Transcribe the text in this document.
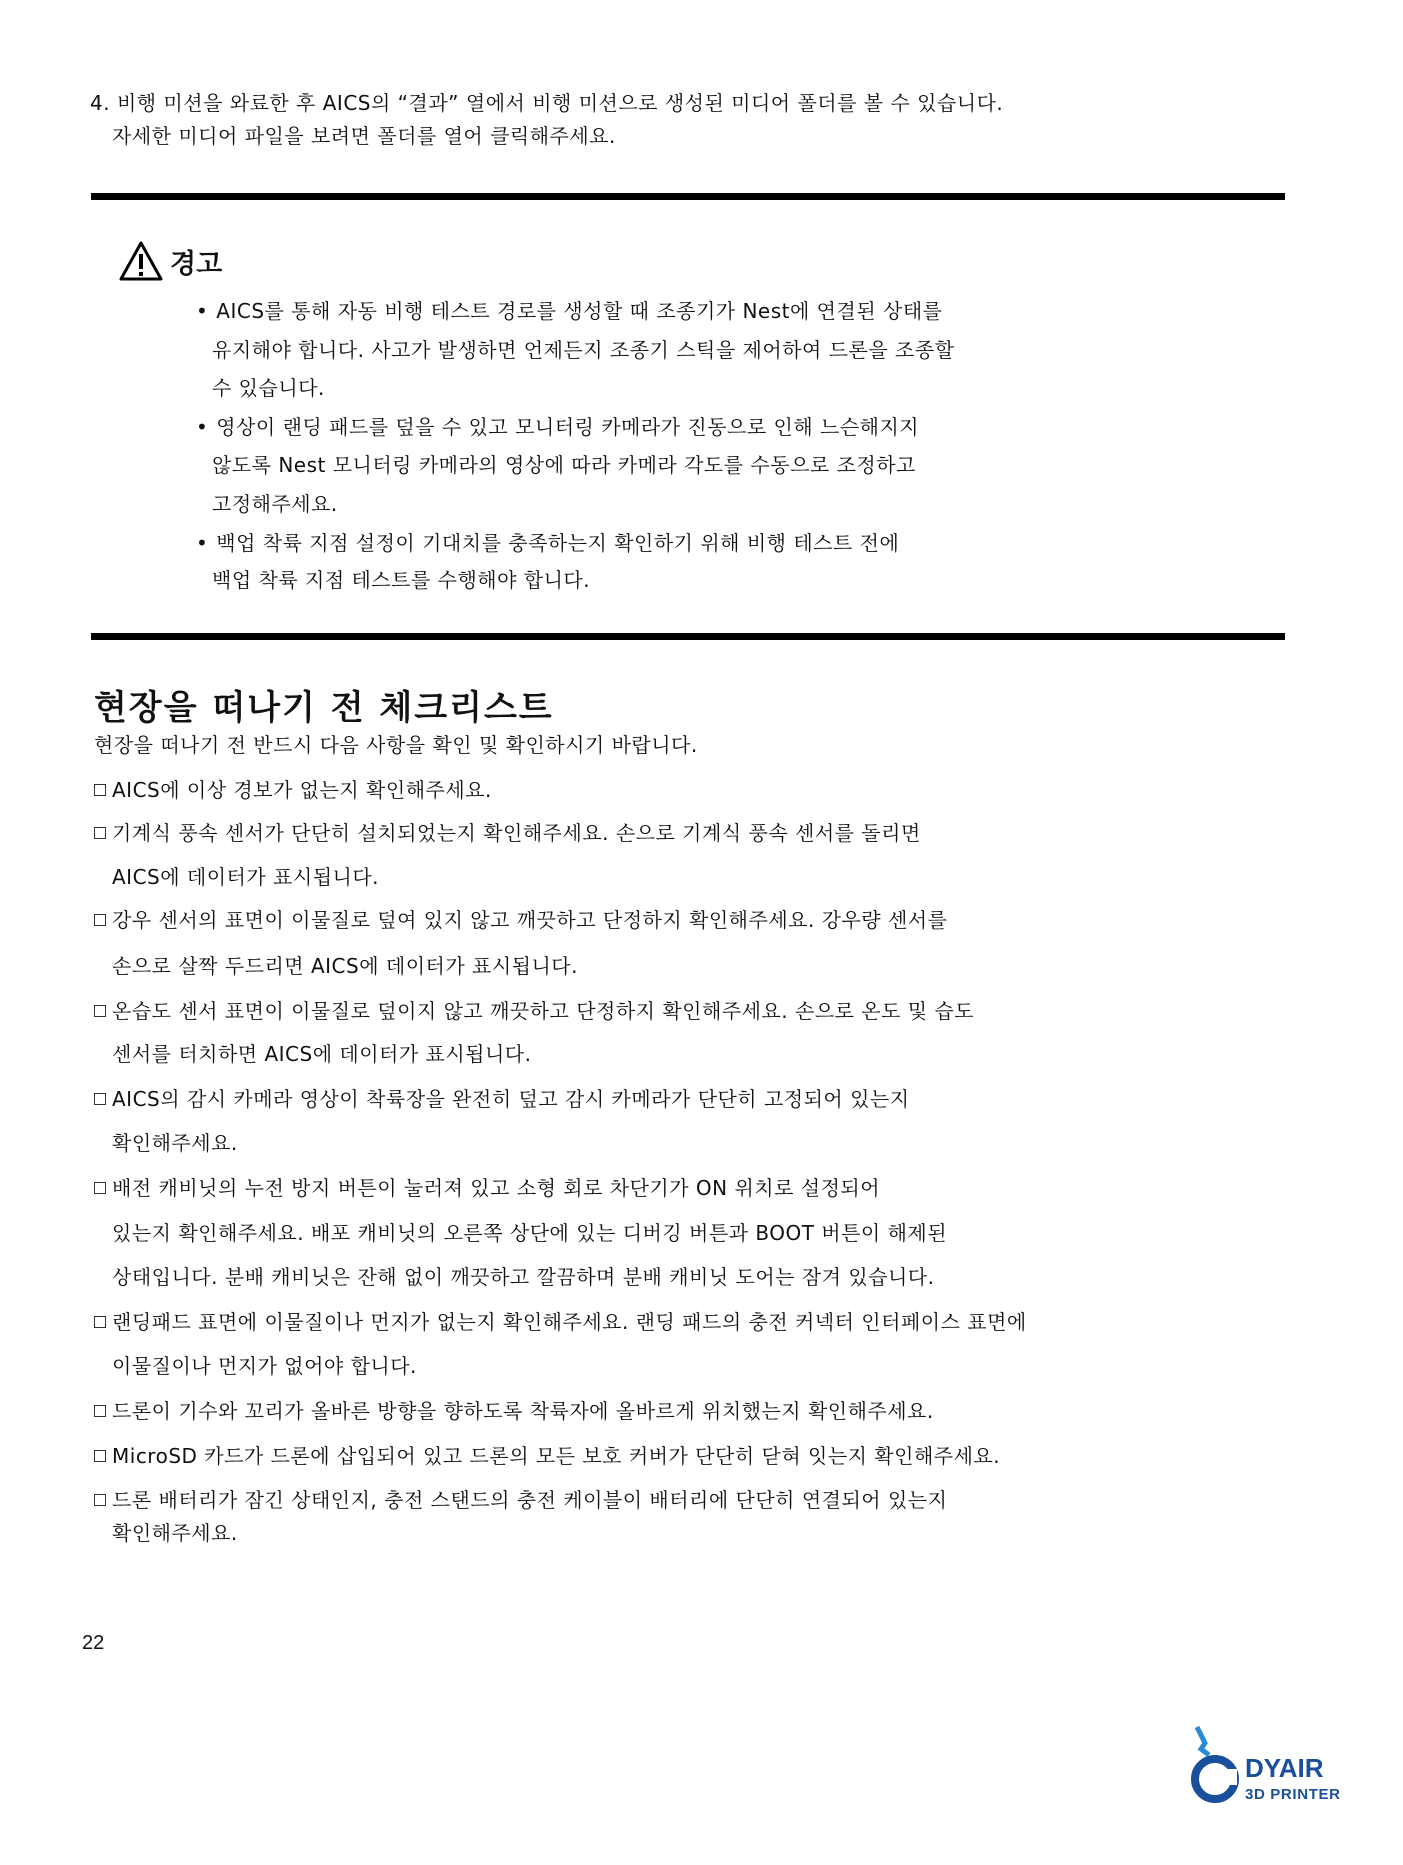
4. 비행 미션을 와료한 후 AICS의 “결과” 열에서 비행 미션으로 생성된 미디어 폴더를 볼 수 있습니다.
자세한 미디어 파일을 보려면 폴더를 열어 클릭해주세요.
경고
• AICS를 통해 자동 비행 테스트 경로를 생성할 때 조종기가 Nest에 연결된 상태를
유지해야 합니다. 사고가 발생하면 언제든지 조종기 스틱을 제어하여 드론을 조종할
수 있습니다.
• 영상이 랜딩 패드를 덮을 수 있고 모니터링 카메라가 진동으로 인해 느슨해지지
않도록 Nest 모니터링 카메라의 영상에 따라 카메라 각도를 수동으로 조정하고
고정해주세요.
• 백업 착륙 지점 설정이 기대치를 충족하는지 확인하기 위해 비행 테스트 전에
백업 착륙 지점 테스트를 수행해야 합니다.
현장을 떠나기 전 체크리스트
현장을 떠나기 전 반드시 다음 사항을 확인 및 확인하시기 바랍니다.
AICS에 이상 경보가 없는지 확인해주세요.
기계식 풍속 센서가 단단히 설치되었는지 확인해주세요. 손으로 기계식 풍속 센서를 돌리면
AICS에 데이터가 표시됩니다.
강우 센서의 표면이 이물질로 덮여 있지 않고 깨끗하고 단정하지 확인해주세요. 강우량 센서를
손으로 살짝 두드리면 AICS에 데이터가 표시됩니다.
온습도 센서 표면이 이물질로 덮이지 않고 깨끗하고 단정하지 확인해주세요. 손으로 온도 및 습도
센서를 터치하면 AICS에 데이터가 표시됩니다.
AICS의 감시 카메라 영상이 착륙장을 완전히 덮고 감시 카메라가 단단히 고정되어 있는지
확인해주세요.
배전 캐비닛의 누전 방지 버튼이 눌러져 있고 소형 회로 차단기가 ON 위치로 설정되어
있는지 확인해주세요. 배포 캐비닛의 오른쪽 상단에 있는 디버깅 버튼과 BOOT 버튼이 해제된
상태입니다. 분배 캐비닛은 잔해 없이 깨끗하고 깔끔하며 분배 캐비닛 도어는 잠겨 있습니다.
랜딩패드 표면에 이물질이나 먼지가 없는지 확인해주세요. 랜딩 패드의 충전 커넥터 인터페이스 표면에
이물질이나 먼지가 없어야 합니다.
드론이 기수와 꼬리가 올바른 방향을 향하도록 착륙자에 올바르게 위치했는지 확인해주세요.
MicroSD 카드가 드론에 삽입되어 있고 드론의 모든 보호 커버가 단단히 닫혀 잇는지 확인해주세요.
드론 배터리가 잠긴 상태인지, 충전 스탠드의 충전 케이블이 배터리에 단단히 연결되어 있는지
확인해주세요.
22
DYAIR
3D PRINTER
